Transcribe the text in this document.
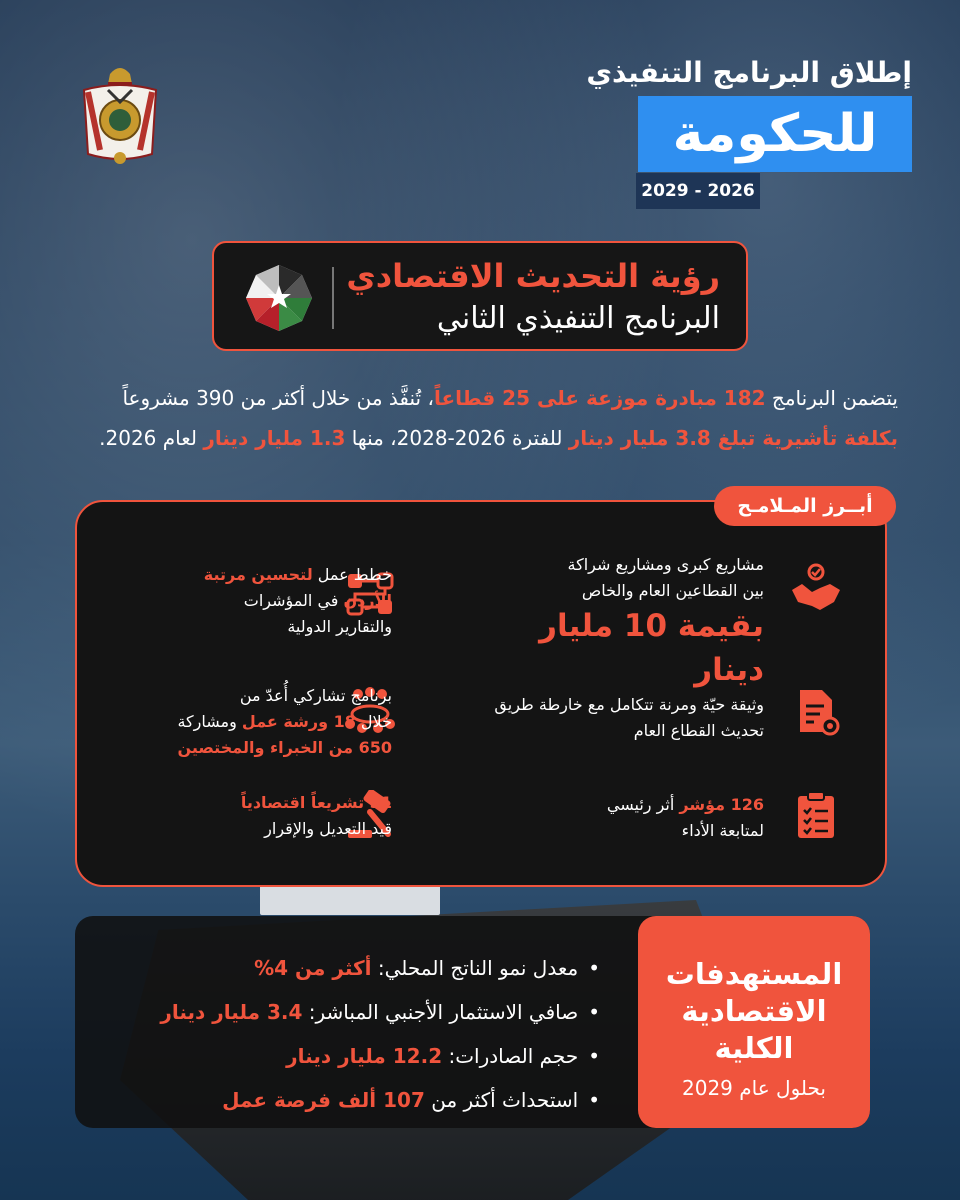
إطلاق البرنامج التنفيذي
للحكومة
2029 - 2026
رؤية التحديث الاقتصادي
البرنامج التنفيذي الثاني
يتضمن البرنامج 182 مبادرة موزعة على 25 قطاعاً، تُنفَّذ من خلال أكثر من 390 مشروعاً
بكلفة تأشيرية تبلغ 3.8 مليار دينار للفترة 2026-2028، منها 1.3 مليار دينار لعام 2026.
أبــرز المـلامـح
مشاريع كبرى ومشاريع شراكة
بين القطاعين العام والخاص
بقيمة 10 مليار دينار
خطط عمل لتحسين مرتبة
الأردن في المؤشرات
والتقارير الدولية
وثيقة حيّة ومرنة تتكامل مع خارطة طريق
تحديث القطاع العام
برنامج تشاركي أُعدّ من
خلال 18 ورشة عمل ومشاركة
650 من الخبراء والمختصين
126 مؤشر أثر رئيسي
لمتابعة الأداء
31 تشريعاً اقتصادياً
قيد التعديل والإقرار
المستهدفات الاقتصادية الكلية
بحلول عام 2029
•معدل نمو الناتج المحلي: أكثر من 4%
•صافي الاستثمار الأجنبي المباشر: 3.4 مليار دينار
•حجم الصادرات: 12.2 مليار دينار
•استحداث أكثر من 107 ألف فرصة عمل
